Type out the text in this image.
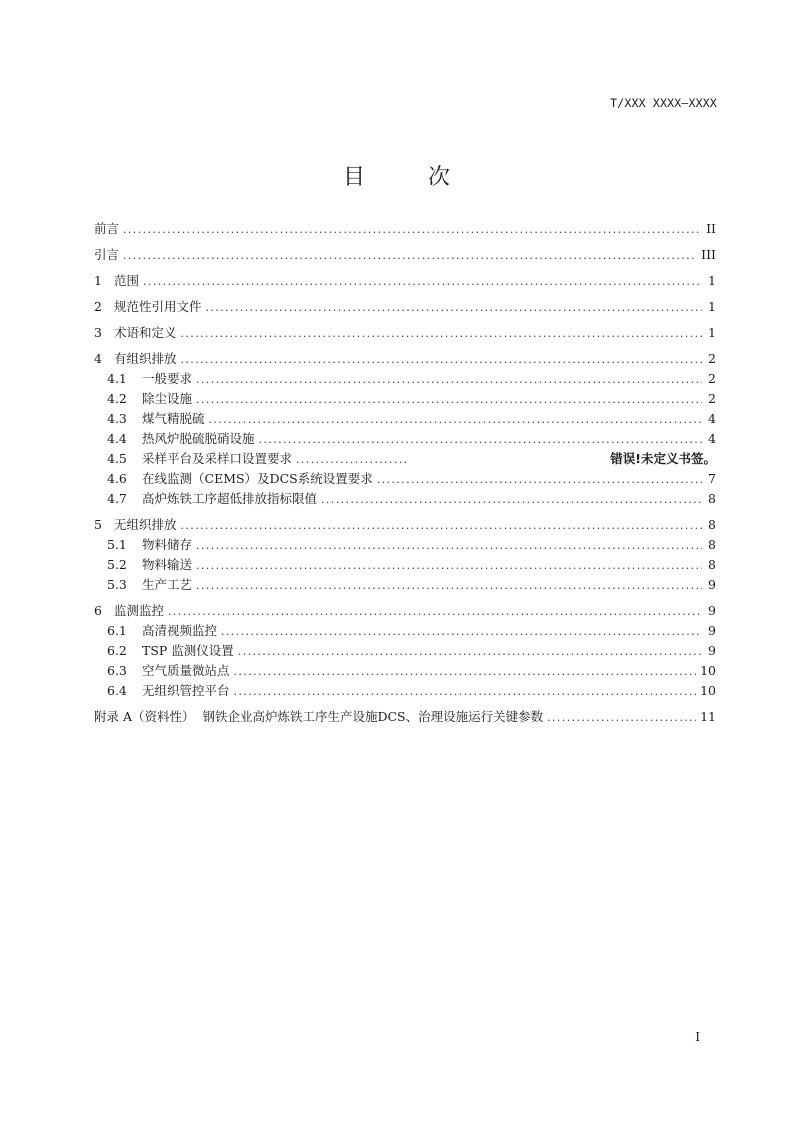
T/XXX XXXX—XXXX
目 次
前言 .....	II
引言 .....	III
1 范围 .....	1
2 规范性引用文件 .....	1
3 术语和定义 .....	1
4 有组织排放 .....	2
4.1	一般要求 .....	2
4.2	除尘设施 .....	2
4.3	煤气精脱硫 .....	4
4.4	热风炉脱硫脱硝设施 .....	4
4.5	采样平台及采样口设置要求 .....	错误!未定义书签。
4.6	在线监测（CEMS）及DCS系统设置要求 .....	7
4.7	高炉炼铁工序超低排放指标限值 .....	8
5 无组织排放 .....	8
5.1	物料储存 .....	8
5.2	物料输送 .....	8
5.3	生产工艺 .....	9
6 监测监控 .....	9
6.1	高清视频监控 .....	9
6.2	TSP 监测仪设置 .....	9
6.3	空气质量微站点 .....	10
6.4	无组织管控平台 .....	10
附录 A（资料性）  钢铁企业高炉炼铁工序生产设施DCS、治理设施运行关键参数 .....	11
I
